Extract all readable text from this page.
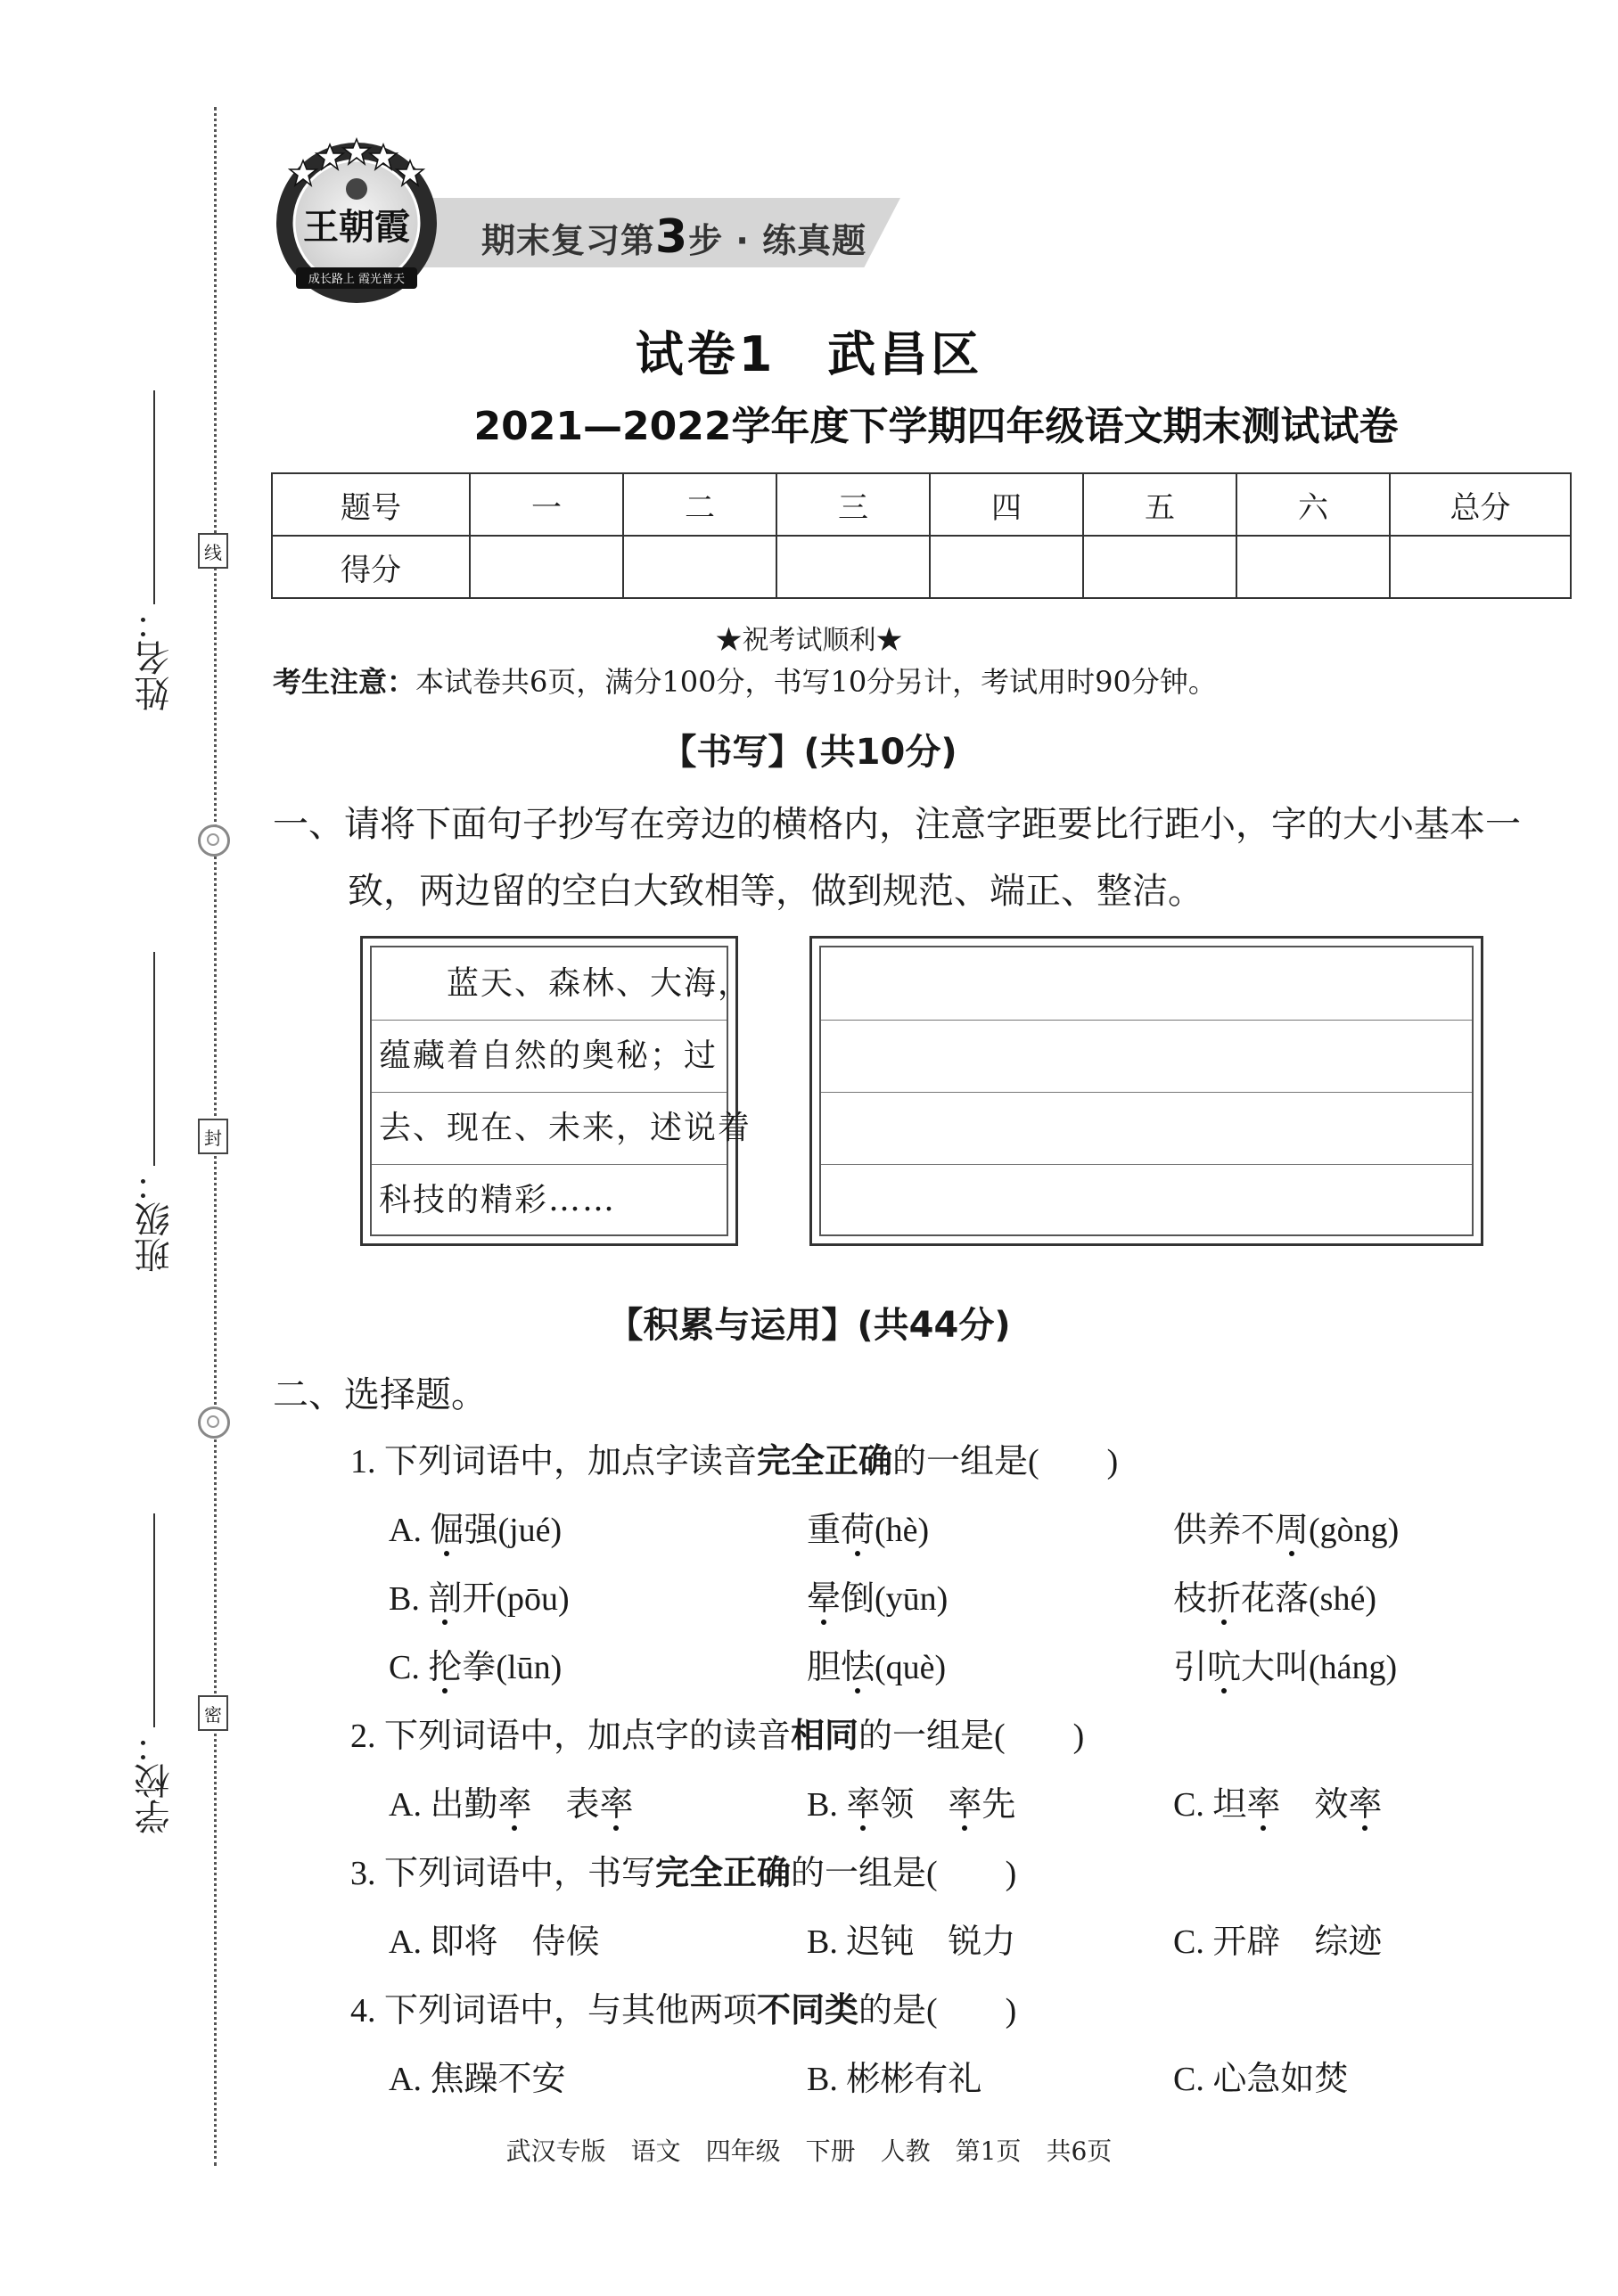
线
封
密
姓名：
班级：
学校：
期末复习第3步 · 练真题
王朝霞
成长路上 霞光普天
试卷1　武昌区
2021—2022学年度下学期四年级语文期末测试试卷
题号	一	二	三	四	五	六	总分
得分							
★祝考试顺利★
考生注意：本试卷共6页，满分100分，书写10分另计，考试用时90分钟。
【书写】(共10分)
一、请将下面句子抄写在旁边的横格内，注意字距要比行距小，字的大小基本一
致，两边留的空白大致相等，做到规范、端正、整洁。
　　蓝天、森林、大海，
蕴藏着自然的奥秘；过
去、现在、未来，述说着
科技的精彩……
【积累与运用】(共44分)
二、选择题。
1. 下列词语中，加点字读音完全正确的一组是(　　)
A. 倔强(jué)	重荷(hè)	供养不周(gòng)
B. 剖开(pōu)	晕倒(yūn)	枝折花落(shé)
C. 抡拳(lūn)	胆怯(què)	引吭大叫(háng)
2. 下列词语中，加点字的读音相同的一组是(　　)
A. 出勤率　表率	B. 率领　率先	C. 坦率　效率
3. 下列词语中，书写完全正确的一组是(　　)
A. 即将　侍候	B. 迟钝　锐力	C. 开辟　综迹
4. 下列词语中，与其他两项不同类的是(　　)
A. 焦躁不安	B. 彬彬有礼	C. 心急如焚
武汉专版　语文　四年级　下册　人教　第1页　共6页
